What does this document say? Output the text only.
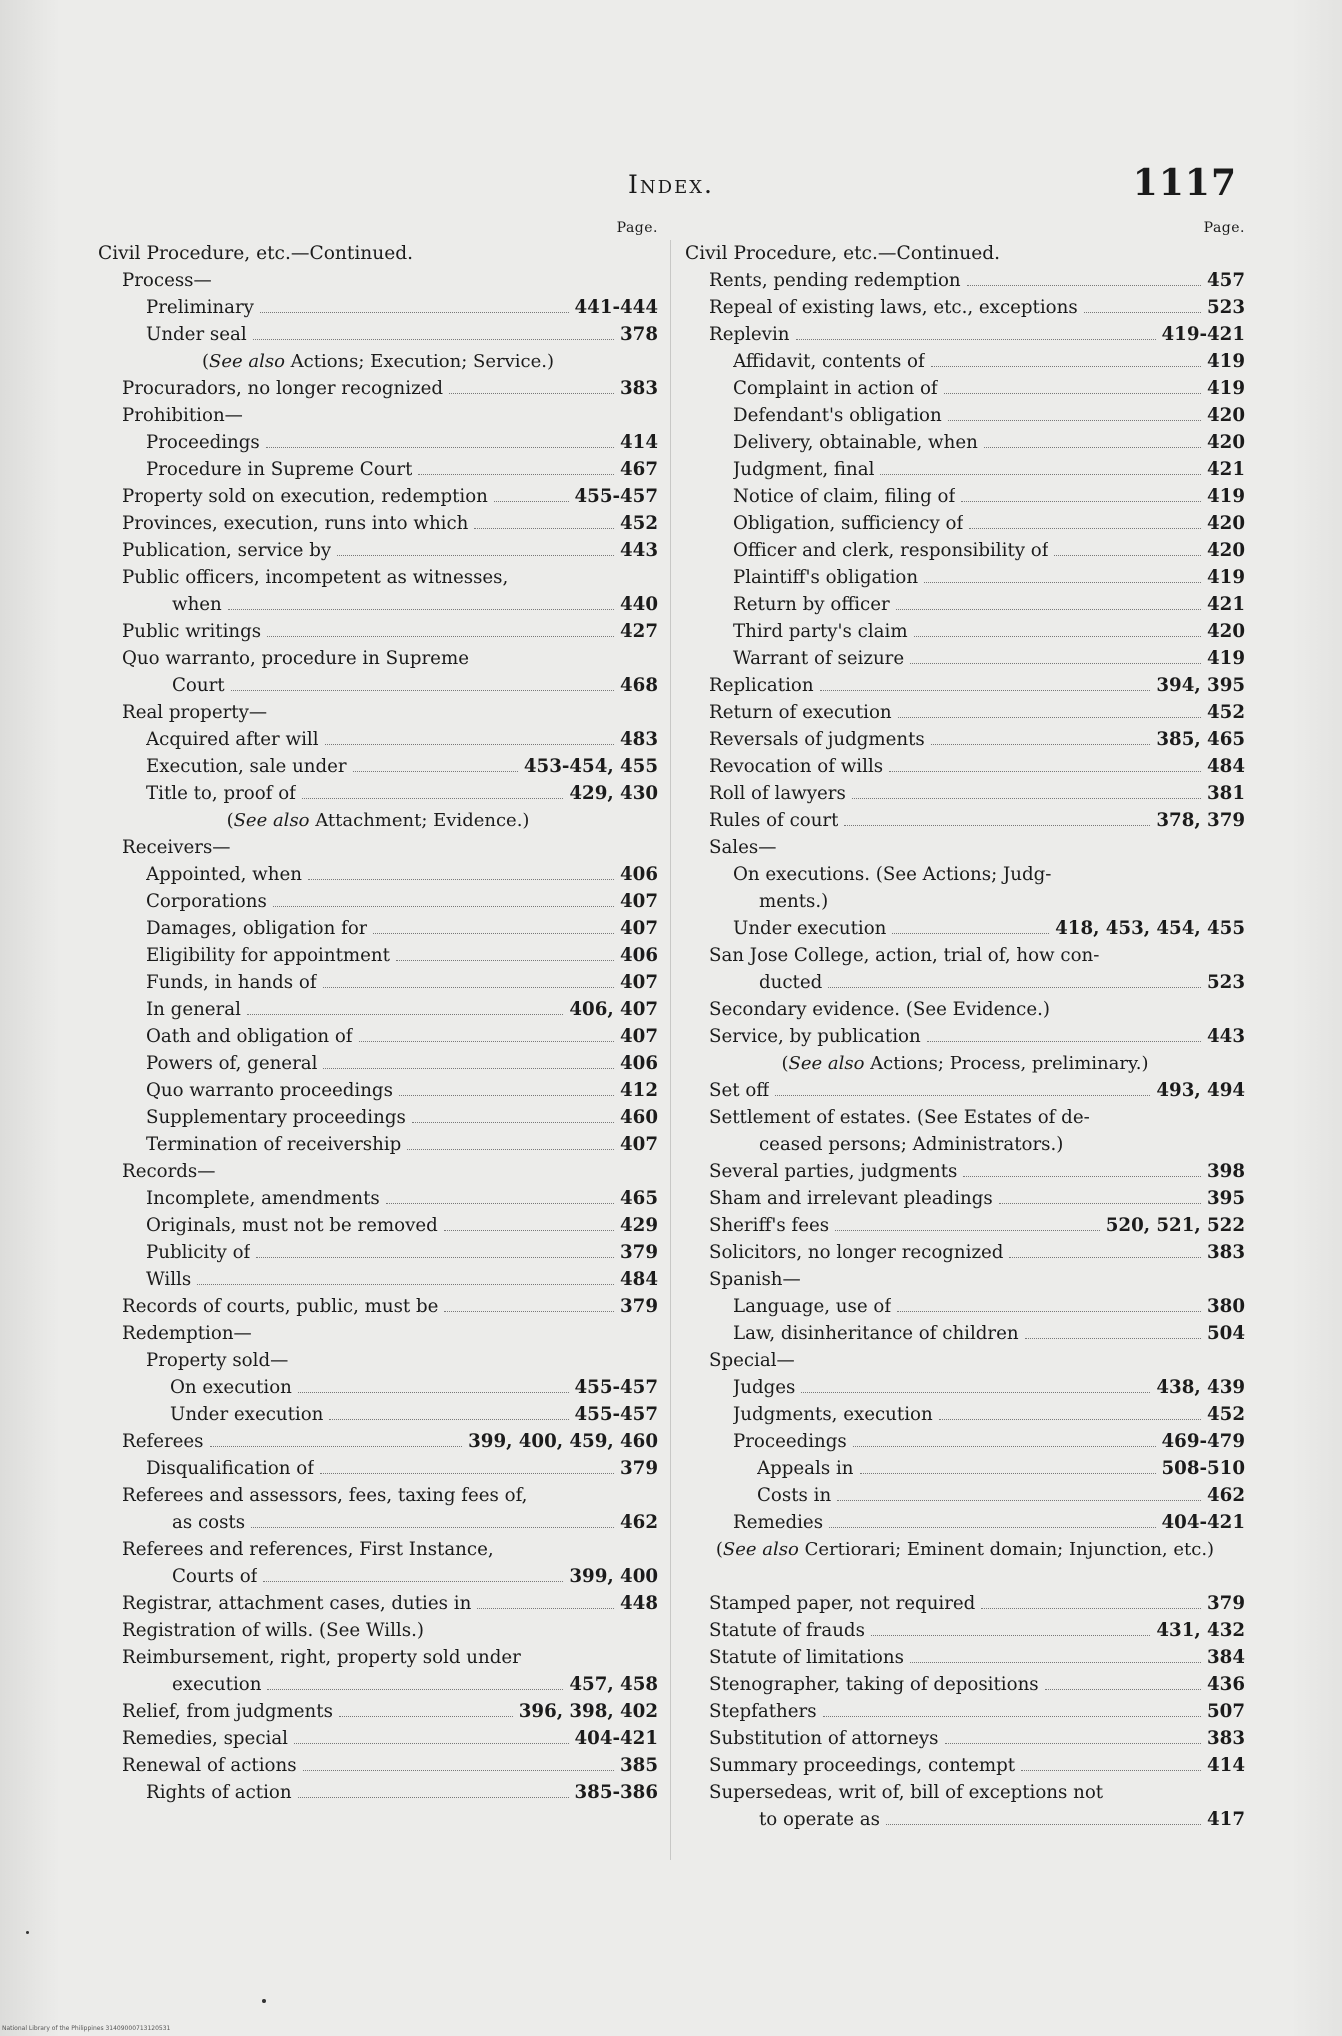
Index.	1117
Page.
Civil Procedure, etc.—Continued.
Process—
Preliminary	441-444
Under seal	378
(See also Actions; Execution; Service.)
Procuradors, no longer recognized	383
Prohibition—
Proceedings	414
Procedure in Supreme Court	467
Property sold on execution, redemption	455-457
Provinces, execution, runs into which	452
Publication, service by	443
Public officers, incompetent as witnesses,
when	440
Public writings	427
Quo warranto, procedure in Supreme
Court	468
Real property—
Acquired after will	483
Execution, sale under	453-454, 455
Title to, proof of	429, 430
(See also Attachment; Evidence.)
Receivers—
Appointed, when	406
Corporations	407
Damages, obligation for	407
Eligibility for appointment	406
Funds, in hands of	407
In general	406, 407
Oath and obligation of	407
Powers of, general	406
Quo warranto proceedings	412
Supplementary proceedings	460
Termination of receivership	407
Records—
Incomplete, amendments	465
Originals, must not be removed	429
Publicity of	379
Wills	484
Records of courts, public, must be	379
Redemption—
Property sold—
On execution	455-457
Under execution	455-457
Referees	399, 400, 459, 460
Disqualification of	379
Referees and assessors, fees, taxing fees of,
as costs	462
Referees and references, First Instance,
Courts of	399, 400
Registrar, attachment cases, duties in	448
Registration of wills. (See Wills.)
Reimbursement, right, property sold under
execution	457, 458
Relief, from judgments	396, 398, 402
Remedies, special	404-421
Renewal of actions	385
Rights of action	385-386
Page.
Civil Procedure, etc.—Continued.
Rents, pending redemption	457
Repeal of existing laws, etc., exceptions	523
Replevin	419-421
Affidavit, contents of	419
Complaint in action of	419
Defendant's obligation	420
Delivery, obtainable, when	420
Judgment, final	421
Notice of claim, filing of	419
Obligation, sufficiency of	420
Officer and clerk, responsibility of	420
Plaintiff's obligation	419
Return by officer	421
Third party's claim	420
Warrant of seizure	419
Replication	394, 395
Return of execution	452
Reversals of judgments	385, 465
Revocation of wills	484
Roll of lawyers	381
Rules of court	378, 379
Sales—
On executions. (See Actions; Judg-
ments.)
Under execution	418, 453, 454, 455
San Jose College, action, trial of, how con-
ducted	523
Secondary evidence. (See Evidence.)
Service, by publication	443
(See also Actions; Process, preliminary.)
Set off	493, 494
Settlement of estates. (See Estates of de-
ceased persons; Administrators.)
Several parties, judgments	398
Sham and irrelevant pleadings	395
Sheriff's fees	520, 521, 522
Solicitors, no longer recognized	383
Spanish—
Language, use of	380
Law, disinheritance of children	504
Special—
Judges	438, 439
Judgments, execution	452
Proceedings	469-479
Appeals in	508-510
Costs in	462
Remedies	404-421
(See also Certiorari; Eminent domain; Injunction, etc.)
Stamped paper, not required	379
Statute of frauds	431, 432
Statute of limitations	384
Stenographer, taking of depositions	436
Stepfathers	507
Substitution of attorneys	383
Summary proceedings, contempt	414
Supersedeas, writ of, bill of exceptions not
to operate as	417
National Library of the Philippines 31409000713120531
